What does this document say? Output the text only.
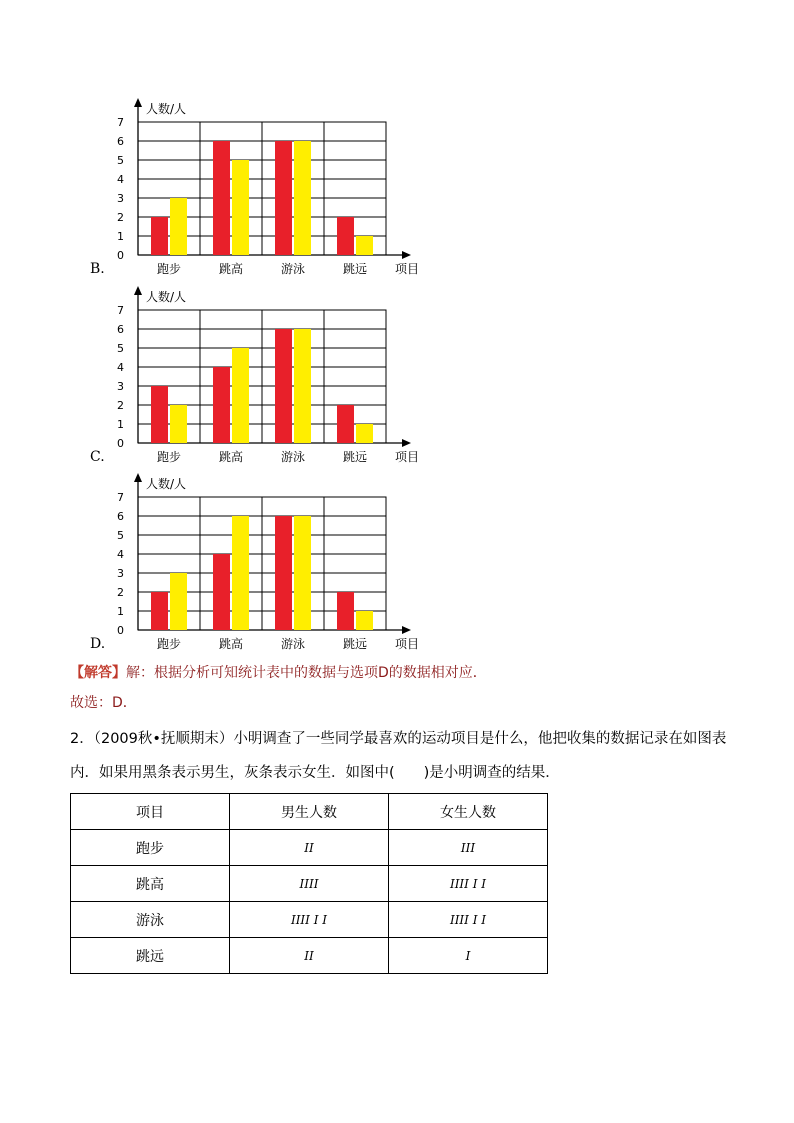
B.
0
1
2
3
4
5
6
7
人数/人
跑步	跳高	游泳	跳远 项目
C.
0
1
2
3
4
5
6
7
人数/人
跑步	跳高	游泳	跳远 项目
D.
0
1
2
3
4
5
6
7
人数/人
跑步	跳高	游泳	跳远 项目
【解答】解：根据分析可知统计表中的数据与选项D的数据相对应．
故选：D．
2．（2009秋•抚顺期末）小明调查了一些同学最喜欢的运动项目是什么，他把收集的数据记录在如图表内．如果用黑条表示男生，灰条表示女生．如图中(　　)是小明调查的结果．
项目	男生人数	女生人数
跑步	II	III
跳高	IIII	IIII I I
游泳	IIII I I	IIII I I
跳远	II	I
